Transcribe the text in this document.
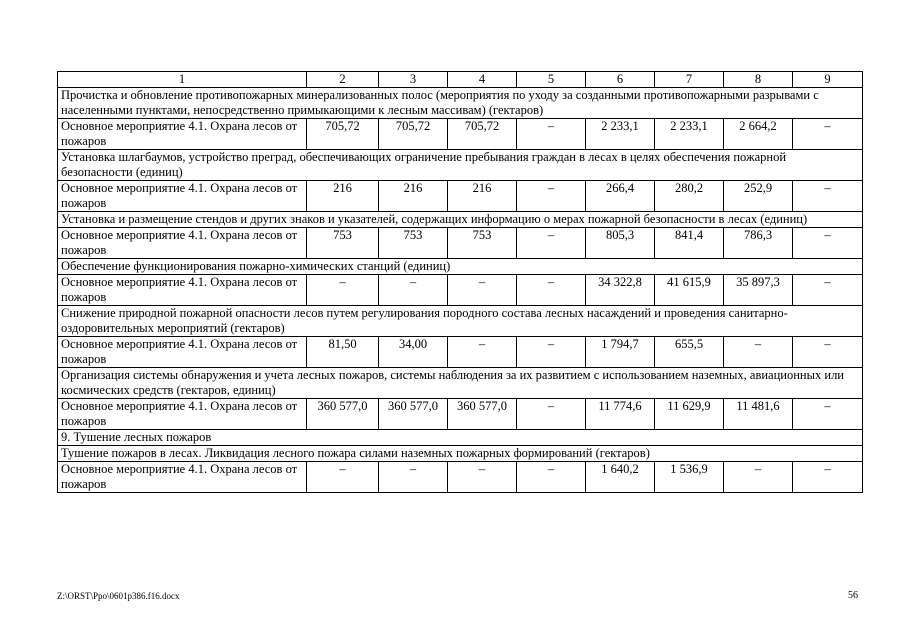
1	2	3	4	5	6	7	8	9
Прочистка и обновление противопожарных минерализованных полос (мероприятия по уходу за созданными противопожарными разрывами с населенными пунктами, непосредственно примыкающими к лесным массивам) (гектаров)								
Основное мероприятие 4.1. Охрана лесов от пожаров	705,72	705,72	705,72	–	2 233,1	2 233,1	2 664,2	–
Установка шлагбаумов, устройство преград, обеспечивающих ограничение пребывания граждан в лесах в целях обеспечения пожарной безопасности (единиц)								
Основное мероприятие 4.1. Охрана лесов от пожаров	216	216	216	–	266,4	280,2	252,9	–
Установка и размещение стендов и других знаков и указателей, содержащих информацию о мерах пожарной безопасности в лесах (единиц)								
Основное мероприятие 4.1. Охрана лесов от пожаров	753	753	753	–	805,3	841,4	786,3	–
Обеспечение функционирования пожарно-химических станций (единиц)								
Основное мероприятие 4.1. Охрана лесов от пожаров	–	–	–	–	34 322,8	41 615,9	35 897,3	–
Снижение природной пожарной опасности лесов путем регулирования породного состава лесных насаждений и проведения санитарно-оздоровительных мероприятий (гектаров)								
Основное мероприятие 4.1. Охрана лесов от пожаров	81,50	34,00	–	–	1 794,7	655,5	–	–
Организация системы обнаружения и учета лесных пожаров, системы наблюдения за их развитием с использованием наземных, авиационных или космических средств (гектаров, единиц)								
Основное мероприятие 4.1. Охрана лесов от пожаров	360 577,0	360 577,0	360 577,0	–	11 774,6	11 629,9	11 481,6	–
9. Тушение лесных пожаров								
Тушение пожаров в лесах. Ликвидация лесного пожара силами наземных пожарных формирований (гектаров)								
Основное мероприятие 4.1. Охрана лесов от пожаров	–	–	–	–	1 640,2	1 536,9	–	–
Z:\ORST\Ppo\0601p386.f16.docx	56
